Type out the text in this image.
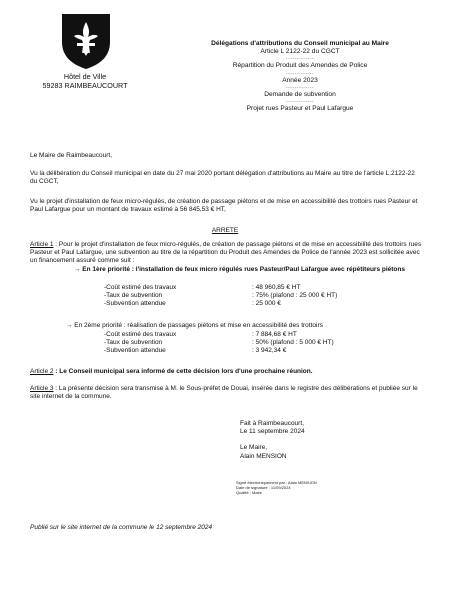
Hôtel de Ville
59283 RAIMBEAUCOURT
Délégations d'attributions du Conseil municipal au Maire
Article L 2122-22 du CGCT
-------------
Répartition du Produit des Amendes de Police
-------------
Année 2023
-------------
Demande de subvention
-------------
Projet rues Pasteur et Paul Lafargue
Le Maire de Raimbeaucourt,
Vu la délibération du Conseil municipal en date du 27 mai 2020 portant délégation d'attributions au Maire au titre de l'article L.2122-22 du CGCT,
Vu le projet d'installation de feux micro-régulés, de création de passage piétons et de mise en accessibilité des trottoirs rues Pasteur et Paul Lafargue pour un montant de travaux estimé à 56 845,53 € HT,
ARRETE
Article 1 : Pour le projet d'installation de feux micro-régulés, de création de passage piétons et de mise en accessibilité des trottoirs rues Pasteur et Paul Lafargue, une subvention au titre de la répartition du Produit des Amendes de Police de l'année 2023 est sollicitée avec un financement assuré comme suit :
→ En 1ère priorité : l'installation de feux micro régulés rues Pasteur/Paul Lafargue avec répétiteurs piétons
-Coût estimé des travaux	: 48 960,85 € HT
-Taux de subvention	: 75% (plafond : 25 000 € HT)
-Subvention attendue	: 25 000 €
→ En 2ème priorité : réalisation de passages piétons et mise en accessibilité des trottoirs
-Coût estimé des travaux	: 7 884,68 € HT
-Taux de subvention	: 50% (plafond : 5 000 € HT)
-Subvention attendue	: 3 942,34 €
Article 2 : Le Conseil municipal sera informé de cette décision lors d'une prochaine réunion.
Article 3 : La présente décision sera transmise à M. le Sous-préfet de Douai, insérée dans le registre des délibérations et publiée sur le site internet de la commune.
Fait à Raimbeaucourt,
Le 11 septembre 2024
Le Maire,
Alain MENSION
Signé électroniquement par : Alain MENSION
Date de signature : 11/09/2024
Qualité : Maire
Publié sur le site internet de la commune le 12 septembre 2024
